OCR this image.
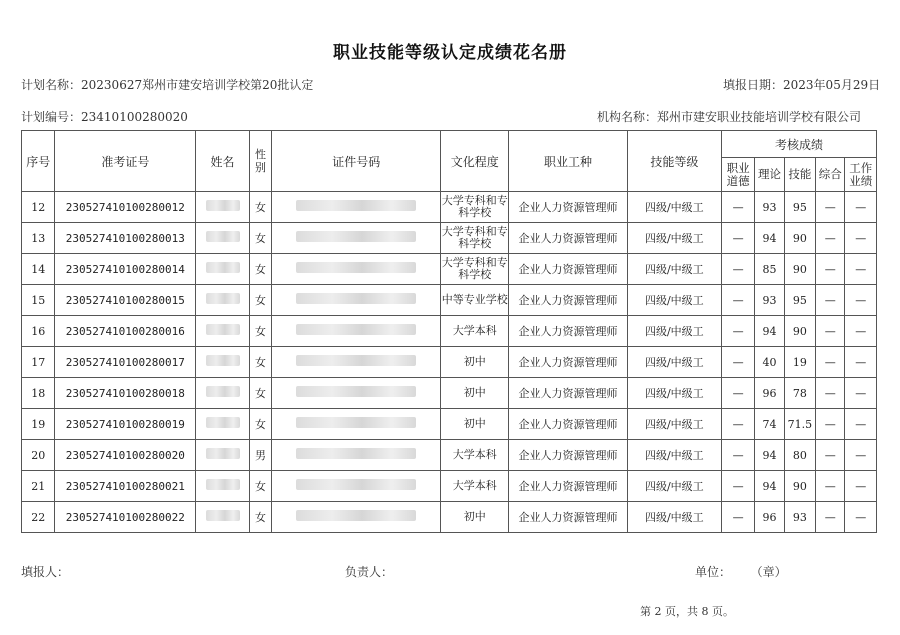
职业技能等级认定成绩花名册
计划名称：20230627郑州市建安培训学校第20批认定	填报日期：2023年05月29日
计划编号：23410100280020	机构名称：郑州市建安职业技能培训学校有限公司
序号	准考证号	姓名	性别	证件号码	文化程度	职业工种	技能等级	考核成绩				
								职业道德	理论	技能	综合	工作业绩
12	230527410100280012		女		大学专科和专科学校	企业人力资源管理师	四级/中级工	—	93	95	—	—
13	230527410100280013		女		大学专科和专科学校	企业人力资源管理师	四级/中级工	—	94	90	—	—
14	230527410100280014		女		大学专科和专科学校	企业人力资源管理师	四级/中级工	—	85	90	—	—
15	230527410100280015		女		中等专业学校	企业人力资源管理师	四级/中级工	—	93	95	—	—
16	230527410100280016		女		大学本科	企业人力资源管理师	四级/中级工	—	94	90	—	—
17	230527410100280017		女		初中	企业人力资源管理师	四级/中级工	—	40	19	—	—
18	230527410100280018		女		初中	企业人力资源管理师	四级/中级工	—	96	78	—	—
19	230527410100280019		女		初中	企业人力资源管理师	四级/中级工	—	74	71.5	—	—
20	230527410100280020		男		大学本科	企业人力资源管理师	四级/中级工	—	94	80	—	—
21	230527410100280021		女		大学本科	企业人力资源管理师	四级/中级工	—	94	90	—	—
22	230527410100280022		女		初中	企业人力资源管理师	四级/中级工	—	96	93	—	—
填报人：	负责人：	单位： （章）
第 2 页，共 8 页。
